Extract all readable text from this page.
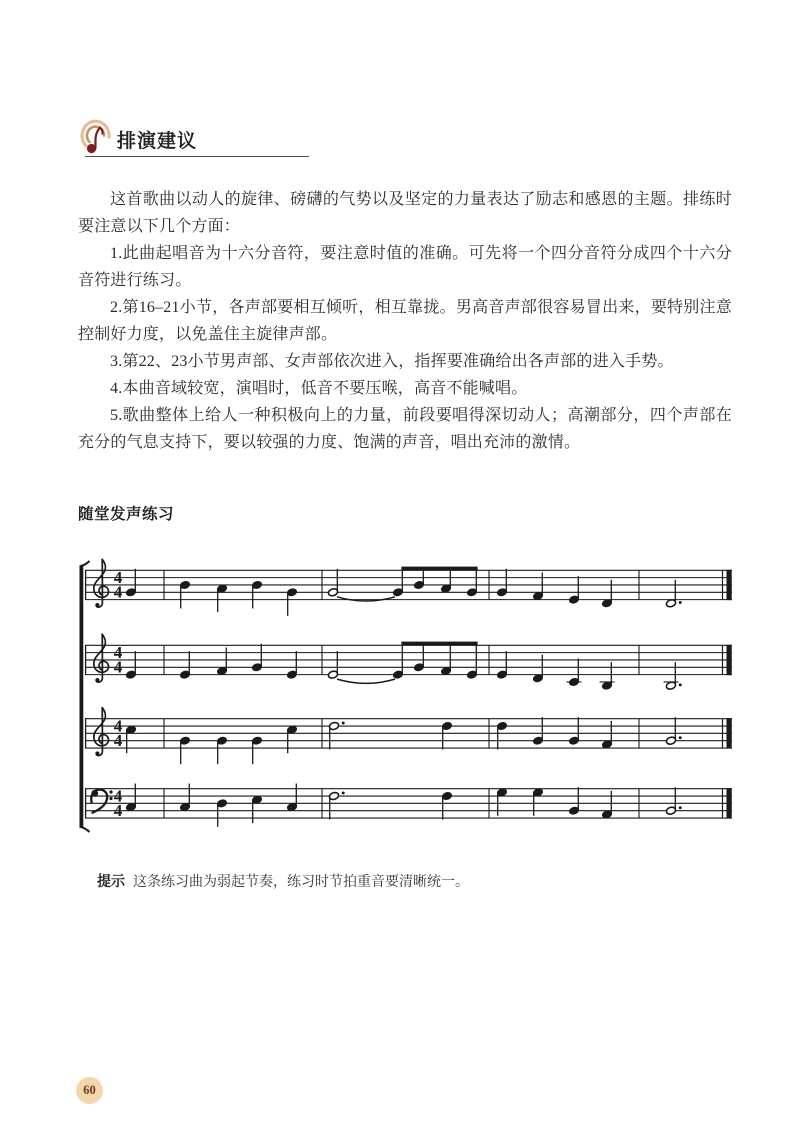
排演建议

这首歌曲以动人的旋律、磅礴的气势以及坚定的力量表达了励志和感恩的主题。排练时要注意以下几个方面：

1.此曲起唱音为十六分音符，要注意时值的准确。可先将一个四分音符分成四个十六分音符进行练习。

2.第16–21小节，各声部要相互倾听，相互靠拢。男高音声部很容易冒出来，要特别注意控制好力度，以免盖住主旋律声部。

3.第22、23小节男声部、女声部依次进入，指挥要准确给出各声部的进入手势。

4.本曲音域较宽，演唱时，低音不要压喉，高音不能喊唱。

5.歌曲整体上给人一种积极向上的力量，前段要唱得深切动人；高潮部分，四个声部在充分的气息支持下，要以较强的力度、饱满的声音，唱出充沛的激情。

随堂发声练习
4
4
4
4
4
4
4
4
提示 这条练习曲为弱起节奏，练习时节拍重音要清晰统一。
60
